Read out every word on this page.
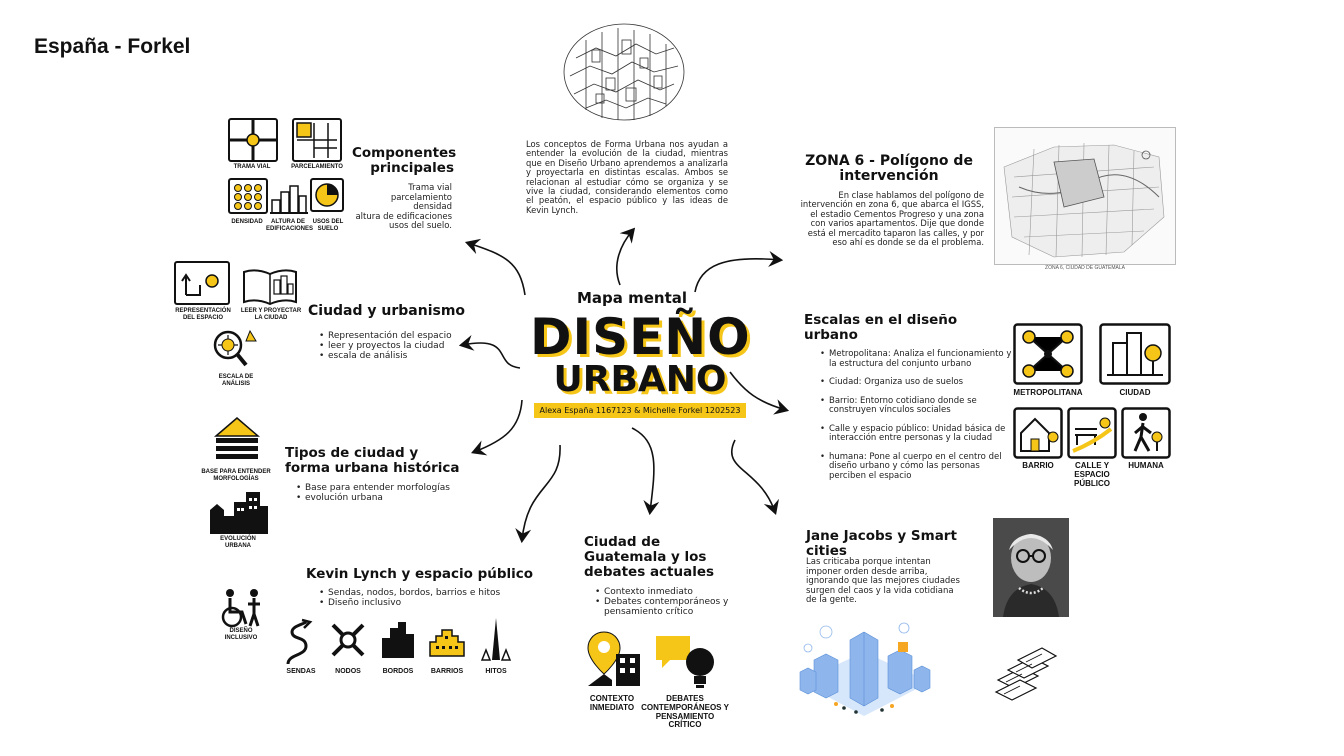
España - Forkel
Mapa mental
DISEÑO
URBANO
Alexa España 1167123 & Michelle Forkel 1202523
Los conceptos de Forma Urbana nos ayudan a entender la evolución de la ciudad, mientras que en Diseño Urbano aprendemos a analizarla y proyectarla en distintas escalas. Ambos se relacionan al estudiar cómo se organiza y se vive la ciudad, considerando elementos como el peatón, el espacio público y las ideas de Kevin Lynch.
TRAMA VIAL	PARCELAMIENTO
DENSIDAD	ALTURA DE EDIFICACIONES
USOS DEL SUELO
Componentes principales
Trama vial
parcelamiento
densidad
altura de edificaciones
usos del suelo.
ZONA 6 - Polígono de intervención
En clase hablamos del polígono de intervención en zona 6, que abarca el IGSS, el estadio Cementos Progreso y una zona con varios apartamentos. Dije que donde está el mercadito taparon las calles, y por eso ahí es donde se da el problema.
ZONA 6, CIUDAD DE GUATEMALA
REPRESENTACIÓN DEL ESPACIO
LEER Y PROYECTAR LA CIUDAD
ESCALA DE ANÁLISIS
Ciudad y urbanismo
• Representación del espacio
• leer y proyectos la ciudad
• escala de análisis
Escalas en el diseño urbano
• Metropolitana: Analiza el funcionamiento y la estructura del conjunto urbano
• Ciudad: Organiza uso de suelos
• Barrio: Entorno cotidiano donde se construyen vínculos sociales
• Calle y espacio público: Unidad básica de interacción entre personas y la ciudad
• humana: Pone al cuerpo en el centro del diseño urbano y cómo las personas perciben el espacio
METROPOLITANA	CIUDAD
BARRIO	CALLE Y ESPACIO PÚBLICO
HUMANA
BASE PARA ENTENDER MORFOLOGÍAS
EVOLUCIÓN URBANA
Tipos de ciudad y forma urbana histórica
• Base para entender morfologías
• evolución urbana
DISEÑO INCLUSIVO
Kevin Lynch y espacio público
• Sendas, nodos, bordos, barrios e hitos
• Diseño inclusivo
SENDAS	NODOS	BORDOS	BARRIOS	HITOS
Ciudad de Guatemala y los debates actuales
• Contexto inmediato
• Debates contemporáneos y pensamiento crítico
CONTEXTO INMEDIATO
DEBATES CONTEMPORÁNEOS Y PENSAMIENTO CRÍTICO
Jane Jacobs y Smart cities
Las criticaba porque intentan imponer orden desde arriba, ignorando que las mejores ciudades surgen del caos y la vida cotidiana de la gente.
